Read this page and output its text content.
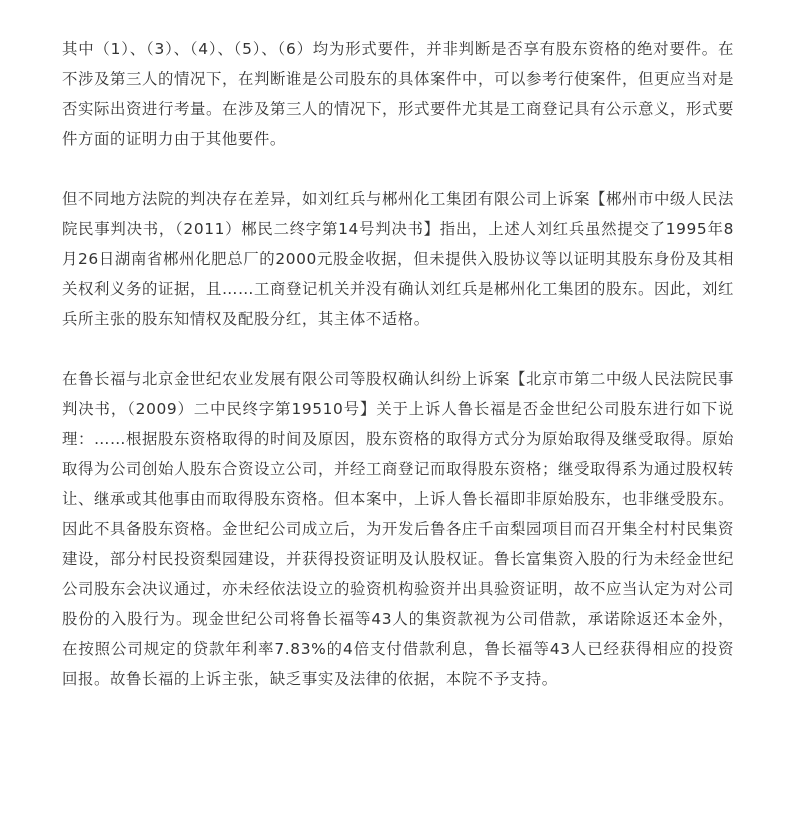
其中（1）、（3）、（4）、（5）、（6）均为形式要件，并非判断是否享有股东资格的绝对要件。在不涉及第三人的情况下，在判断谁是公司股东的具体案件中，可以参考行使案件，但更应当对是否实际出资进行考量。在涉及第三人的情况下，形式要件尤其是工商登记具有公示意义，形式要件方面的证明力由于其他要件。

但不同地方法院的判决存在差异，如刘红兵与郴州化工集团有限公司上诉案【郴州市中级人民法院民事判决书，（2011）郴民二终字第14号判决书】指出，上述人刘红兵虽然提交了1995年8月26日湖南省郴州化肥总厂的2000元股金收据，但未提供入股协议等以证明其股东身份及其相关权利义务的证据，且……工商登记机关并没有确认刘红兵是郴州化工集团的股东。因此，刘红兵所主张的股东知情权及配股分红，其主体不适格。

在鲁长福与北京金世纪农业发展有限公司等股权确认纠纷上诉案【北京市第二中级人民法院民事判决书，（2009）二中民终字第19510号】关于上诉人鲁长福是否金世纪公司股东进行如下说理：……根据股东资格取得的时间及原因，股东资格的取得方式分为原始取得及继受取得。原始取得为公司创始人股东合资设立公司，并经工商登记而取得股东资格；继受取得系为通过股权转让、继承或其他事由而取得股东资格。但本案中，上诉人鲁长福即非原始股东，也非继受股东。因此不具备股东资格。金世纪公司成立后，为开发后鲁各庄千亩梨园项目而召开集全村村民集资建设，部分村民投资梨园建设，并获得投资证明及认股权证。鲁长富集资入股的行为未经金世纪公司股东会决议通过，亦未经依法设立的验资机构验资并出具验资证明，故不应当认定为对公司股份的入股行为。现金世纪公司将鲁长福等43人的集资款视为公司借款，承诺除返还本金外，在按照公司规定的贷款年利率7.83%的4倍支付借款利息，鲁长福等43人已经获得相应的投资回报。故鲁长福的上诉主张，缺乏事实及法律的依据，本院不予支持。
